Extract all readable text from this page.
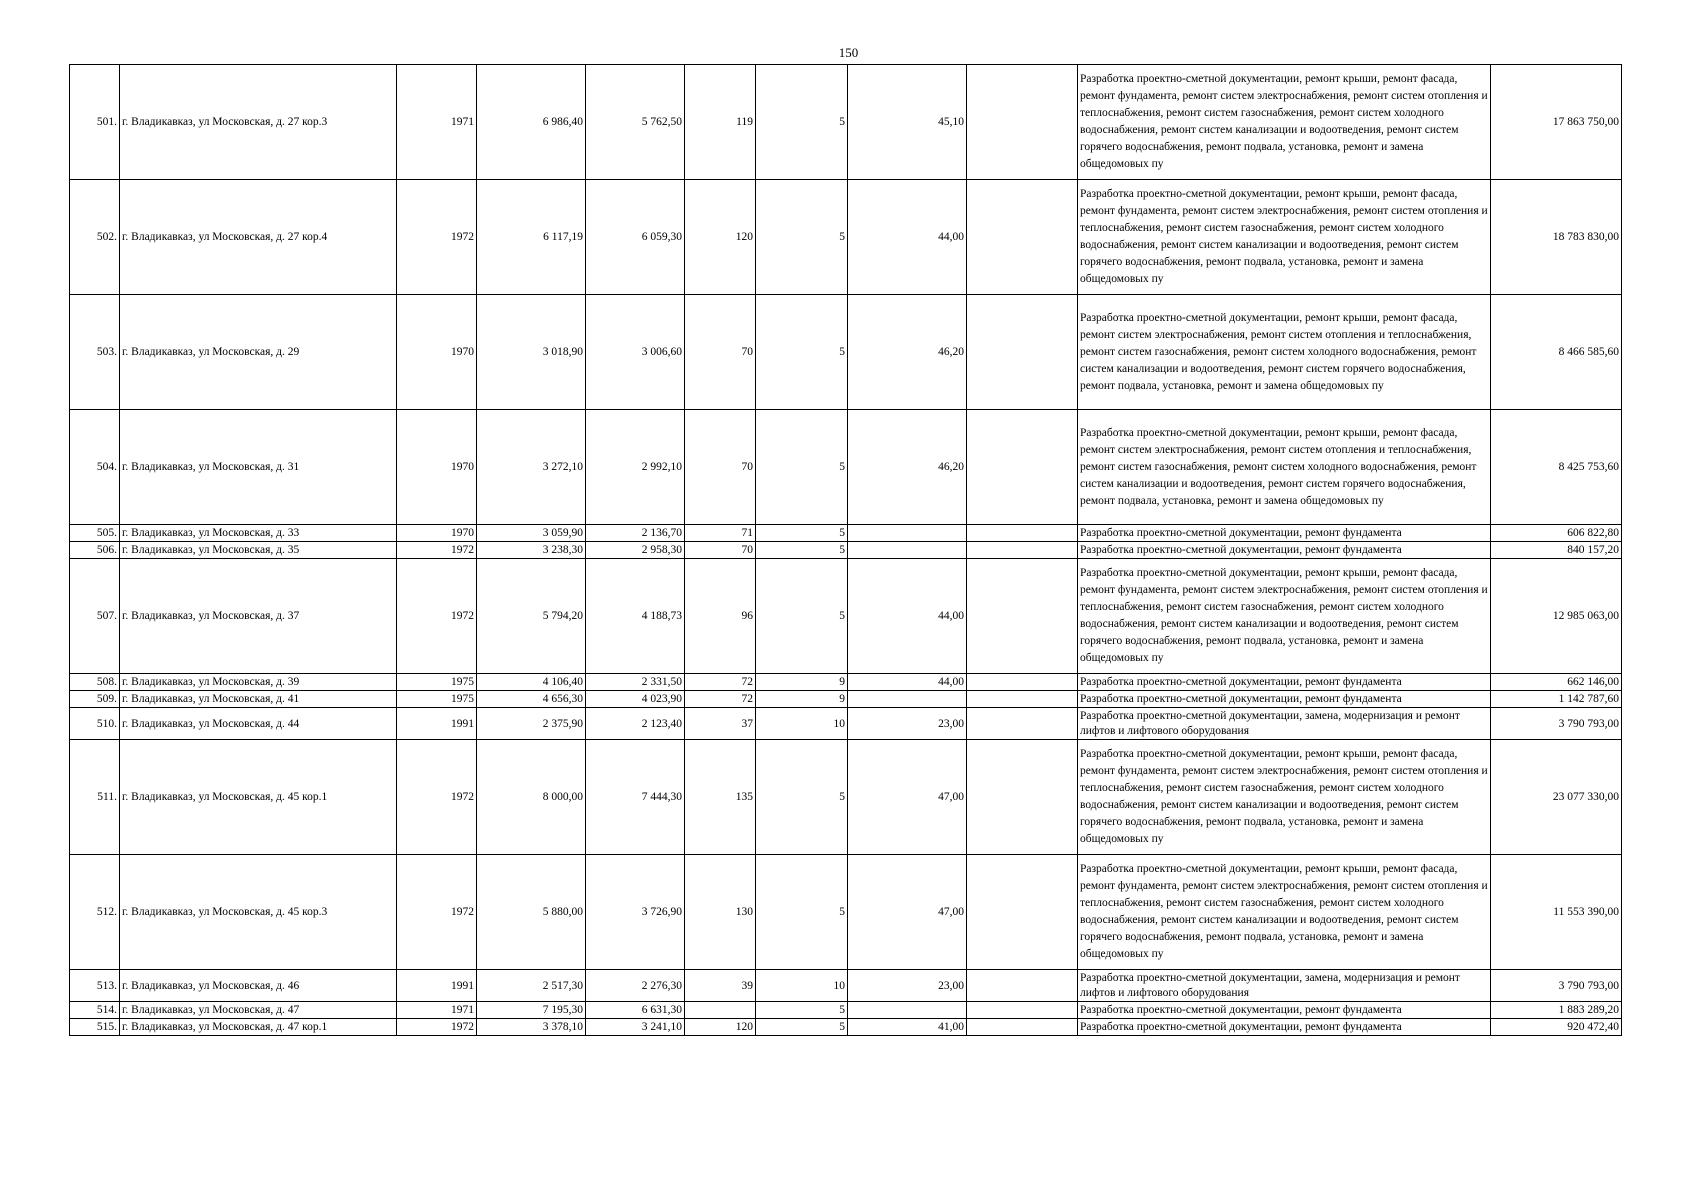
150
501.	г. Владикавказ, ул Московская, д. 27 кор.3	1971	6 986,40	5 762,50	119	5	45,10		Разработка проектно-сметной документации, ремонт крыши, ремонт фасада, ремонт фундамента, ремонт систем электроснабжения, ремонт систем отопления и теплоснабжения, ремонт систем газоснабжения, ремонт систем холодного водоснабжения, ремонт систем канализации и водоотведения, ремонт систем горячего водоснабжения, ремонт подвала, установка, ремонт и замена общедомовых пу	17 863 750,00
502.	г. Владикавказ, ул Московская, д. 27 кор.4	1972	6 117,19	6 059,30	120	5	44,00		Разработка проектно-сметной документации, ремонт крыши, ремонт фасада, ремонт фундамента, ремонт систем электроснабжения, ремонт систем отопления и теплоснабжения, ремонт систем газоснабжения, ремонт систем холодного водоснабжения, ремонт систем канализации и водоотведения, ремонт систем горячего водоснабжения, ремонт подвала, установка, ремонт и замена общедомовых пу	18 783 830,00
503.	г. Владикавказ, ул Московская, д. 29	1970	3 018,90	3 006,60	70	5	46,20		Разработка проектно-сметной документации, ремонт крыши, ремонт фасада, ремонт систем электроснабжения, ремонт систем отопления и теплоснабжения, ремонт систем газоснабжения, ремонт систем холодного водоснабжения, ремонт систем канализации и водоотведения, ремонт систем горячего водоснабжения, ремонт подвала, установка, ремонт и замена общедомовых пу	8 466 585,60
504.	г. Владикавказ, ул Московская, д. 31	1970	3 272,10	2 992,10	70	5	46,20		Разработка проектно-сметной документации, ремонт крыши, ремонт фасада, ремонт систем электроснабжения, ремонт систем отопления и теплоснабжения, ремонт систем газоснабжения, ремонт систем холодного водоснабжения, ремонт систем канализации и водоотведения, ремонт систем горячего водоснабжения, ремонт подвала, установка, ремонт и замена общедомовых пу	8 425 753,60
505.	г. Владикавказ, ул Московская, д. 33	1970	3 059,90	2 136,70	71	5			Разработка проектно-сметной документации, ремонт фундамента	606 822,80
506.	г. Владикавказ, ул Московская, д. 35	1972	3 238,30	2 958,30	70	5			Разработка проектно-сметной документации, ремонт фундамента	840 157,20
507.	г. Владикавказ, ул Московская, д. 37	1972	5 794,20	4 188,73	96	5	44,00		Разработка проектно-сметной документации, ремонт крыши, ремонт фасада, ремонт фундамента, ремонт систем электроснабжения, ремонт систем отопления и теплоснабжения, ремонт систем газоснабжения, ремонт систем холодного водоснабжения, ремонт систем канализации и водоотведения, ремонт систем горячего водоснабжения, ремонт подвала, установка, ремонт и замена общедомовых пу	12 985 063,00
508.	г. Владикавказ, ул Московская, д. 39	1975	4 106,40	2 331,50	72	9	44,00		Разработка проектно-сметной документации, ремонт фундамента	662 146,00
509.	г. Владикавказ, ул Московская, д. 41	1975	4 656,30	4 023,90	72	9			Разработка проектно-сметной документации, ремонт фундамента	1 142 787,60
510.	г. Владикавказ, ул Московская, д. 44	1991	2 375,90	2 123,40	37	10	23,00		Разработка проектно-сметной документации, замена, модернизация и ремонт лифтов и лифтового оборудования	3 790 793,00
511.	г. Владикавказ, ул Московская, д. 45 кор.1	1972	8 000,00	7 444,30	135	5	47,00		Разработка проектно-сметной документации, ремонт крыши, ремонт фасада, ремонт фундамента, ремонт систем электроснабжения, ремонт систем отопления и теплоснабжения, ремонт систем газоснабжения, ремонт систем холодного водоснабжения, ремонт систем канализации и водоотведения, ремонт систем горячего водоснабжения, ремонт подвала, установка, ремонт и замена общедомовых пу	23 077 330,00
512.	г. Владикавказ, ул Московская, д. 45 кор.3	1972	5 880,00	3 726,90	130	5	47,00		Разработка проектно-сметной документации, ремонт крыши, ремонт фасада, ремонт фундамента, ремонт систем электроснабжения, ремонт систем отопления и теплоснабжения, ремонт систем газоснабжения, ремонт систем холодного водоснабжения, ремонт систем канализации и водоотведения, ремонт систем горячего водоснабжения, ремонт подвала, установка, ремонт и замена общедомовых пу	11 553 390,00
513.	г. Владикавказ, ул Московская, д. 46	1991	2 517,30	2 276,30	39	10	23,00		Разработка проектно-сметной документации, замена, модернизация и ремонт лифтов и лифтового оборудования	3 790 793,00
514.	г. Владикавказ, ул Московская, д. 47	1971	7 195,30	6 631,30		5			Разработка проектно-сметной документации, ремонт фундамента	1 883 289,20
515.	г. Владикавказ, ул Московская, д. 47 кор.1	1972	3 378,10	3 241,10	120	5	41,00		Разработка проектно-сметной документации, ремонт фундамента	920 472,40
